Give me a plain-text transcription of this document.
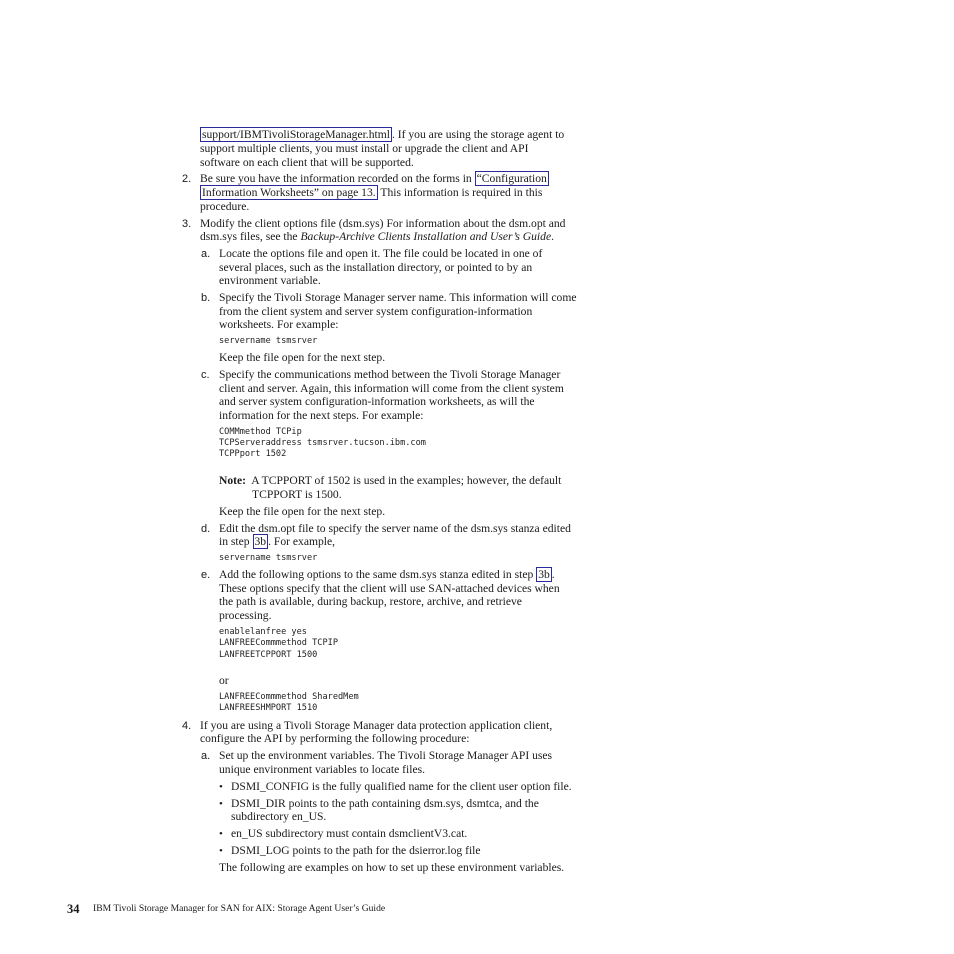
support/IBMTivoliStorageManager.html . If you are using the storage agent to
support multiple clients, you must install or upgrade the client and API
software on each client that will be supported.
2. Be sure you have the information recorded on the forms in “Configuration
Information Worksheets” on page 13. This information is required in this
procedure.
3. Modify the client options file (dsm.sys) For information about the dsm.opt and
dsm.sys files, see the Backup-Archive Clients Installation and User’s Guide.
a. Locate the options file and open it. The file could be located in one of
several places, such as the installation directory, or pointed to by an
environment variable.
b. Specify the Tivoli Storage Manager server name. This information will come
from the client system and server system configuration-information
worksheets. For example:
servername tsmsrver
Keep the file open for the next step.
c. Specify the communications method between the Tivoli Storage Manager
client and server. Again, this information will come from the client system
and server system configuration-information worksheets, as will the
information for the next steps. For example:
COMMmethod TCPip
TCPServeraddress tsmsrver.tucson.ibm.com
TCPPport 1502
Note: A TCPPORT of 1502 is used in the examples; however, the default
TCPPORT is 1500.
Keep the file open for the next step.
d. Edit the dsm.opt file to specify the server name of the dsm.sys stanza edited
in step 3b . For example,
servername tsmsrver
e. Add the following options to the same dsm.sys stanza edited in step 3b .
These options specify that the client will use SAN-attached devices when
the path is available, during backup, restore, archive, and retrieve
processing.
enablelanfree yes
LANFREECommmethod TCPIP
LANFREETCPPORT 1500
or
LANFREECommmethod SharedMem
LANFREESHMPORT 1510
4. If you are using a Tivoli Storage Manager data protection application client,
configure the API by performing the following procedure:
a. Set up the environment variables. The Tivoli Storage Manager API uses
unique environment variables to locate files.
• DSMI_CONFIG is the fully qualified name for the client user option file.
• DSMI_DIR points to the path containing dsm.sys, dsmtca, and the
subdirectory en_US.
• en_US subdirectory must contain dsmclientV3.cat.
• DSMI_LOG points to the path for the dsierror.log file
The following are examples on how to set up these environment variables.
34 IBM Tivoli Storage Manager for SAN for AIX: Storage Agent User’s Guide
